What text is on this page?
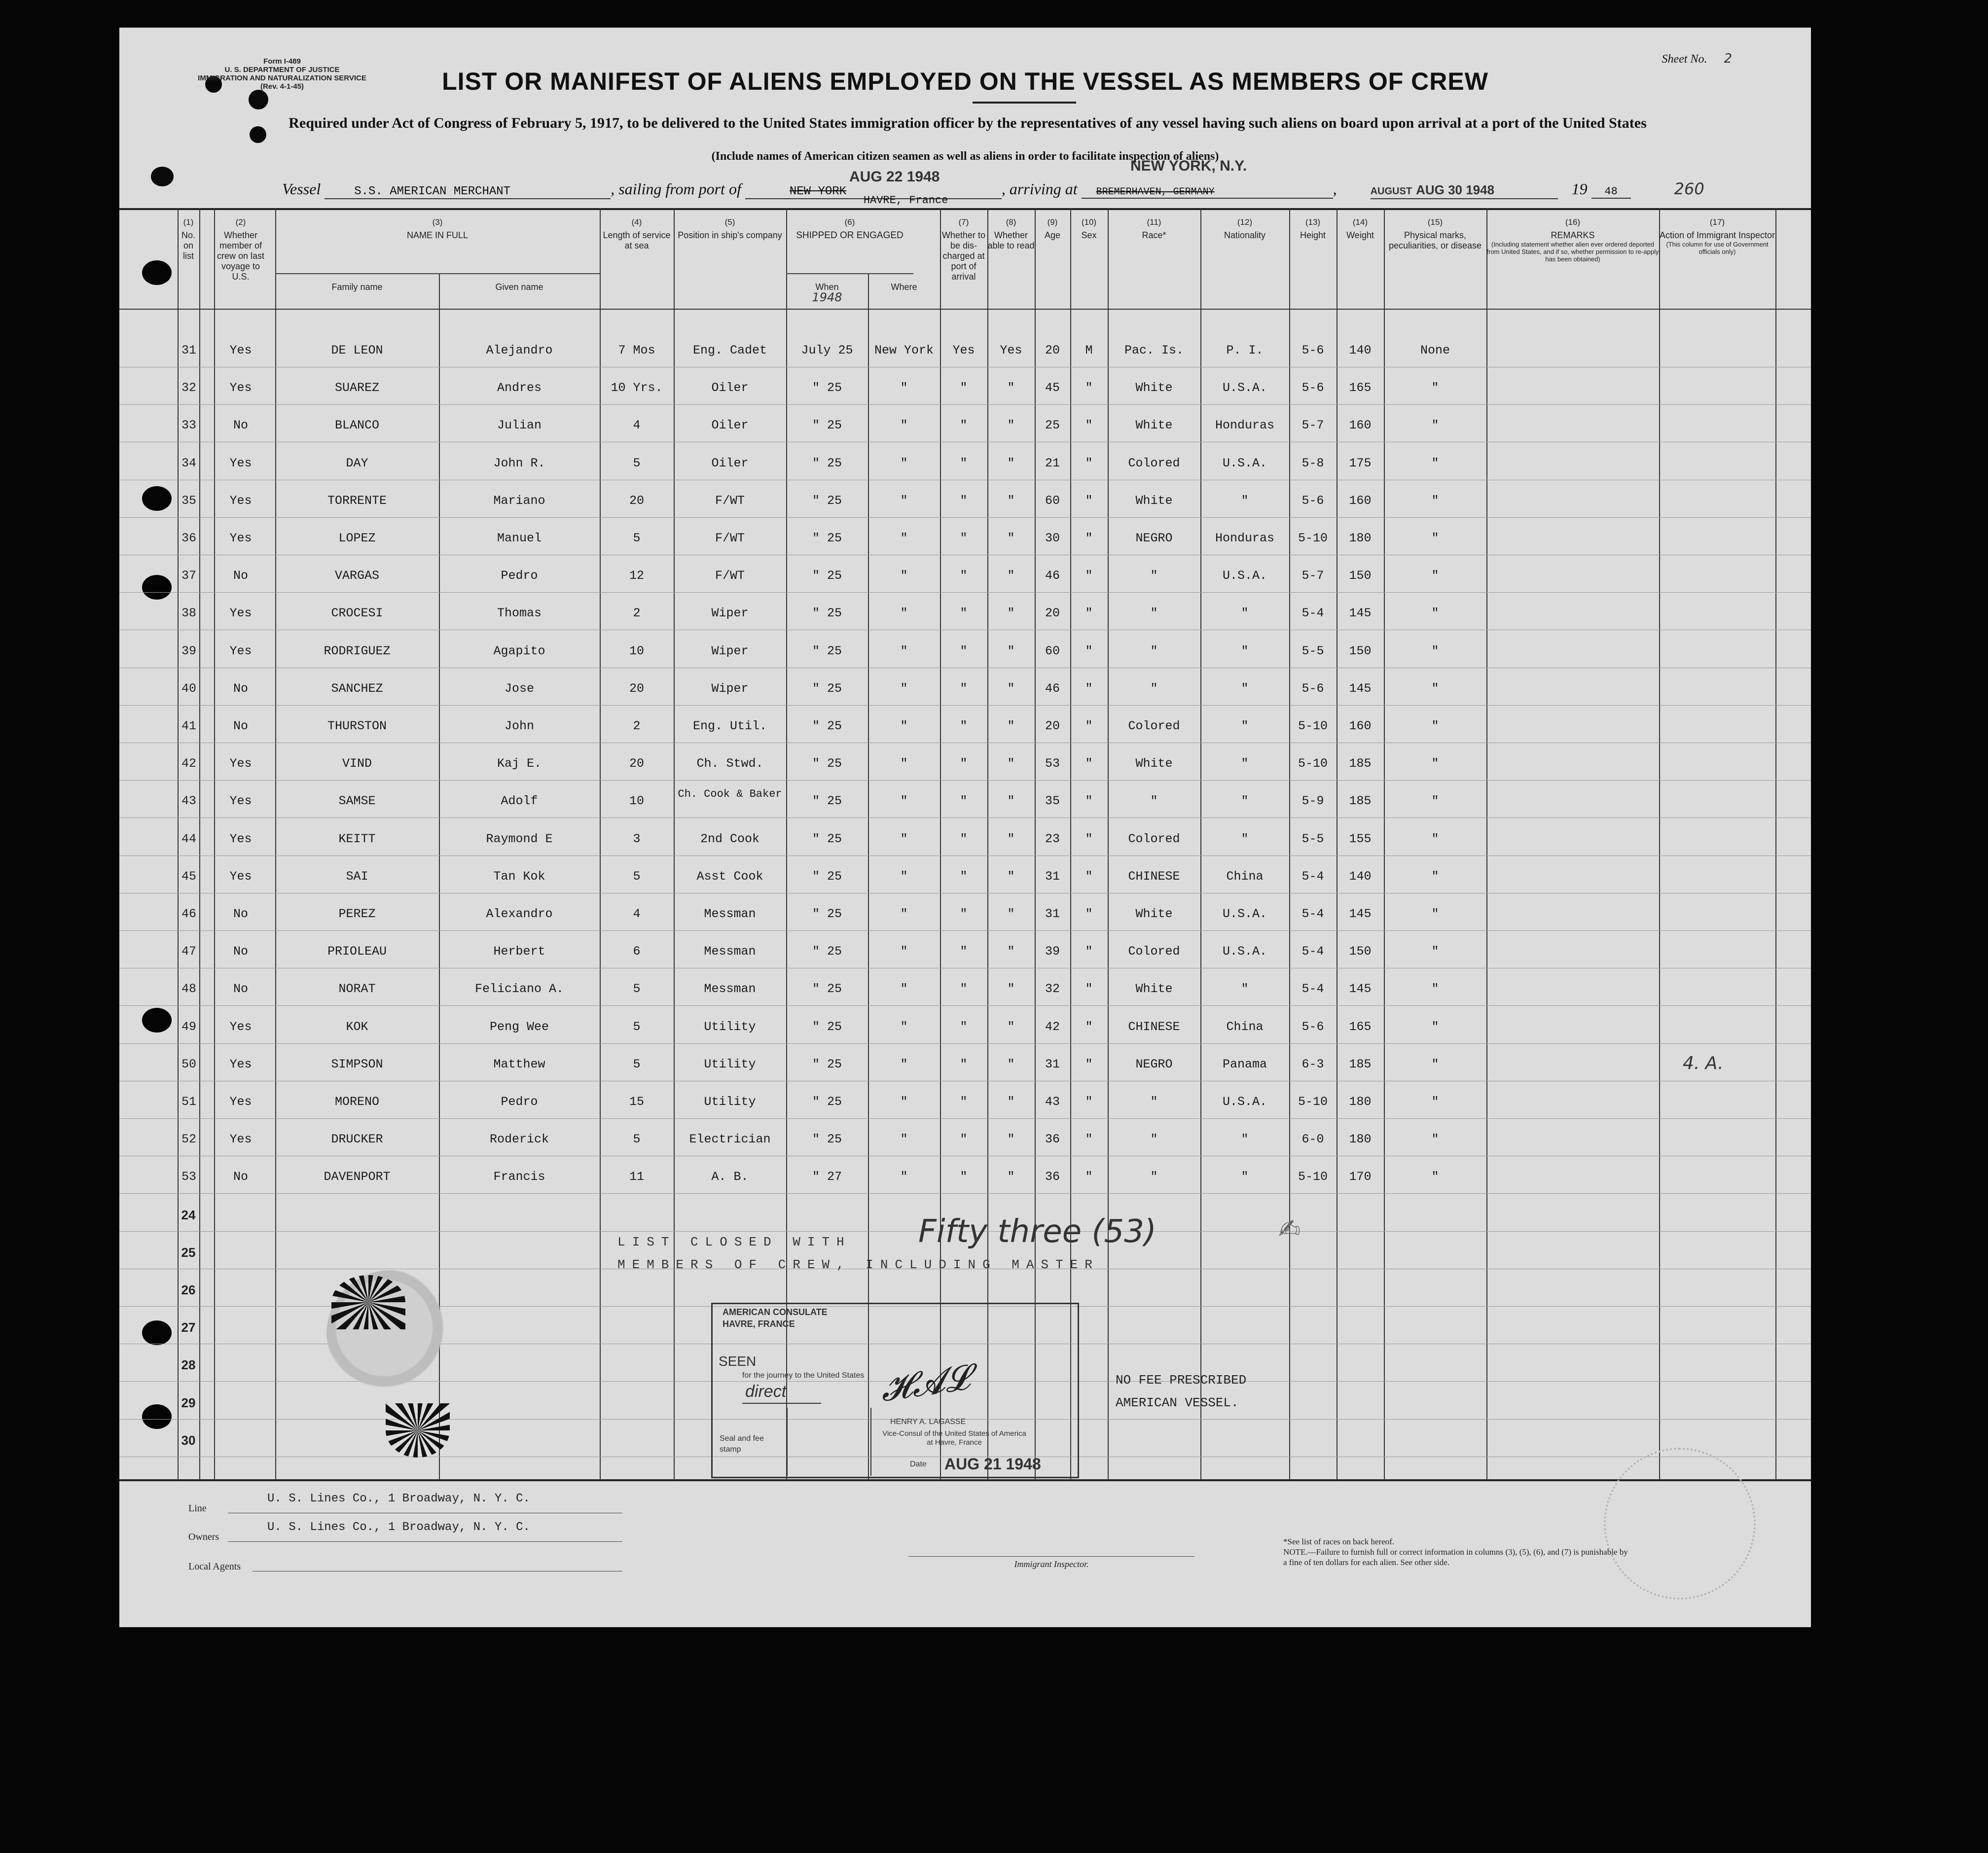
Form I-489
U. S. DEPARTMENT OF JUSTICE
IMMIGRATION AND NATURALIZATION SERVICE
(Rev. 4-1-45)
Sheet No. 2
LIST OR MANIFEST OF ALIENS EMPLOYED ON THE VESSEL AS MEMBERS OF CREW
Required under Act of Congress of February 5, 1917, to be delivered to the United States immigration officer by the representatives of any vessel having such aliens on board upon arrival at a port of the United States
(Include names of American citizen seamen as well as aliens in order to facilitate inspection of aliens)
NEW YORK, N.Y.
AUG 22 1948
Vessel	S.S. AMERICAN MERCHANT	, sailing from port of	NEW YORK
HAVRE, France
, arriving at BREMERHAVEN, GERMANY	,	AUGUST AUG 30 1948	19 48	260
(1)
No. on list
(2)
Whether member of crew on last voyage to U.S.
(3)
NAME IN FULL
Family name	Given name
(4)
Length of service at sea
(5)
Position in ship's company
(6)
SHIPPED OR ENGAGED
When
1948
Where
(7)
Whether to be dis-charged at port of arrival
(8)
Whether able to read
(9)
Age
(10)
Sex
(11)
Race*
(12)
Nationality
(13)
Height
(14)
Weight
(15)
Physical marks, peculiarities, or disease
(16)
REMARKS

(Including statement whether alien ever ordered deported from United States, and if so, whether permission to re-apply has been obtained)
(17)
Action of Immigrant Inspector

(This column for use of Government officials only)
31	Yes	DE LEON	Alejandro	7 Mos	Eng. Cadet	July 25	New York	Yes	Yes	20	M	Pac. Is.	P. I.	5-6	140	None
32	Yes	SUAREZ	Andres	10 Yrs.	Oiler	" 25	"	"	"	45	"	White	U.S.A.	5-6	165	"
33	No	BLANCO	Julian	4	Oiler	" 25	"	"	"	25	"	White	Honduras	5-7	160	"
34	Yes	DAY	John R.	5	Oiler	" 25	"	"	"	21	"	Colored	U.S.A.	5-8	175	"
35	Yes	TORRENTE	Mariano	20	F/WT	" 25	"	"	"	60	"	White	"	5-6	160	"
36	Yes	LOPEZ	Manuel	5	F/WT	" 25	"	"	"	30	"	NEGRO	Honduras	5-10	180	"
37	No	VARGAS	Pedro	12	F/WT	" 25	"	"	"	46	"	"	U.S.A.	5-7	150	"
38	Yes	CROCESI	Thomas	2	Wiper	" 25	"	"	"	20	"	"	"	5-4	145	"
39	Yes	RODRIGUEZ	Agapito	10	Wiper	" 25	"	"	"	60	"	"	"	5-5	150	"
40	No	SANCHEZ	Jose	20	Wiper	" 25	"	"	"	46	"	"	"	5-6	145	"
41	No	THURSTON	John	2	Eng. Util.	" 25	"	"	"	20	"	Colored	"	5-10	160	"
42	Yes	VIND	Kaj E.	20	Ch. Stwd.	" 25	"	"	"	53	"	White	"	5-10	185	"
43	Yes	SAMSE	Adolf	10	Ch. Cook & Baker	" 25	"	"	"	35	"	"	"	5-9	185	"
44	Yes	KEITT	Raymond E	3	2nd Cook	" 25	"	"	"	23	"	Colored	"	5-5	155	"
45	Yes	SAI	Tan Kok	5	Asst Cook	" 25	"	"	"	31	"	CHINESE	China	5-4	140	"
46	No	PEREZ	Alexandro	4	Messman	" 25	"	"	"	31	"	White	U.S.A.	5-4	145	"
47	No	PRIOLEAU	Herbert	6	Messman	" 25	"	"	"	39	"	Colored	U.S.A.	5-4	150	"
48	No	NORAT	Feliciano A.	5	Messman	" 25	"	"	"	32	"	White	"	5-4	145	"
49	Yes	KOK	Peng Wee	5	Utility	" 25	"	"	"	42	"	CHINESE	China	5-6	165	"
50	Yes	SIMPSON	Matthew	5	Utility	" 25	"	"	"	31	"	NEGRO	Panama	6-3	185	"
51	Yes	MORENO	Pedro	15	Utility	" 25	"	"	"	43	"	"	U.S.A.	5-10	180	"
52	Yes	DRUCKER	Roderick	5	Electrician	" 25	"	"	"	36	"	"	"	6-0	180	"
53	No	DAVENPORT	Francis	11	A. B.	" 27	"	"	"	36	"	"	"	5-10	170	"
24
25
26
27
28
29
30
LIST CLOSED WITH
MEMBERS OF CREW, INCLUDING MASTER
Fifty three (53)	✍
AMERICAN CONSULATE
HAVRE, FRANCE
SEEN
for the journey to the United States
direct
Seal and fee stamp
𝓗𝓐𝓛
HENRY A. LAGASSE
Vice-Consul of the United States of America at Havre, France
Date AUG 21 1948
NO FEE PRESCRIBED AMERICAN VESSEL.
4. A.
Line
U. S. Lines Co., 1 Broadway, N. Y. C.
Owners
U. S. Lines Co., 1 Broadway, N. Y. C.
Local Agents	Immigrant Inspector.
*See list of races on back hereof.
NOTE.—Failure to furnish full or correct information in columns (3), (5), (6), and (7) is punishable by a fine of ten dollars for each alien. See other side.
